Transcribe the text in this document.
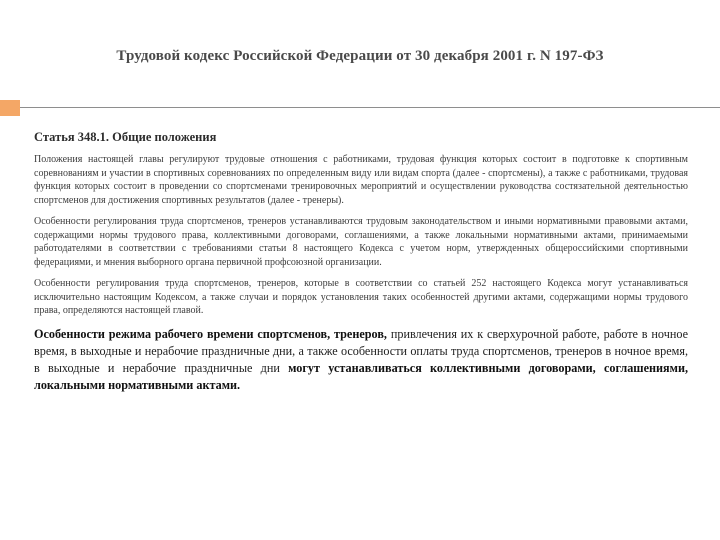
Трудовой кодекс Российской Федерации от 30 декабря 2001 г. N 197-ФЗ
Статья 348.1. Общие положения

Положения настоящей главы регулируют трудовые отношения с работниками, трудовая функция которых состоит в подготовке к спортивным соревнованиям и участии в спортивных соревнованиях по определенным виду или видам спорта (далее - спортсмены), а также с работниками, трудовая функция которых состоит в проведении со спортсменами тренировочных мероприятий и осуществлении руководства состязательной деятельностью спортсменов для достижения спортивных результатов (далее - тренеры).

Особенности регулирования труда спортсменов, тренеров устанавливаются трудовым законодательством и иными нормативными правовыми актами, содержащими нормы трудового права, коллективными договорами, соглашениями, а также локальными нормативными актами, принимаемыми работодателями в соответствии с требованиями статьи 8 настоящего Кодекса с учетом норм, утвержденных общероссийскими спортивными федерациями, и мнения выборного органа первичной профсоюзной организации.

Особенности регулирования труда спортсменов, тренеров, которые в соответствии со статьей 252 настоящего Кодекса могут устанавливаться исключительно настоящим Кодексом, а также случаи и порядок установления таких особенностей другими актами, содержащими нормы трудового права, определяются настоящей главой.

Особенности режима рабочего времени спортсменов, тренеров, привлечения их к сверхурочной работе, работе в ночное время, в выходные и нерабочие праздничные дни, а также особенности оплаты труда спортсменов, тренеров в ночное время, в выходные и нерабочие праздничные дни могут устанавливаться коллективными договорами, соглашениями, локальными нормативными актами.
